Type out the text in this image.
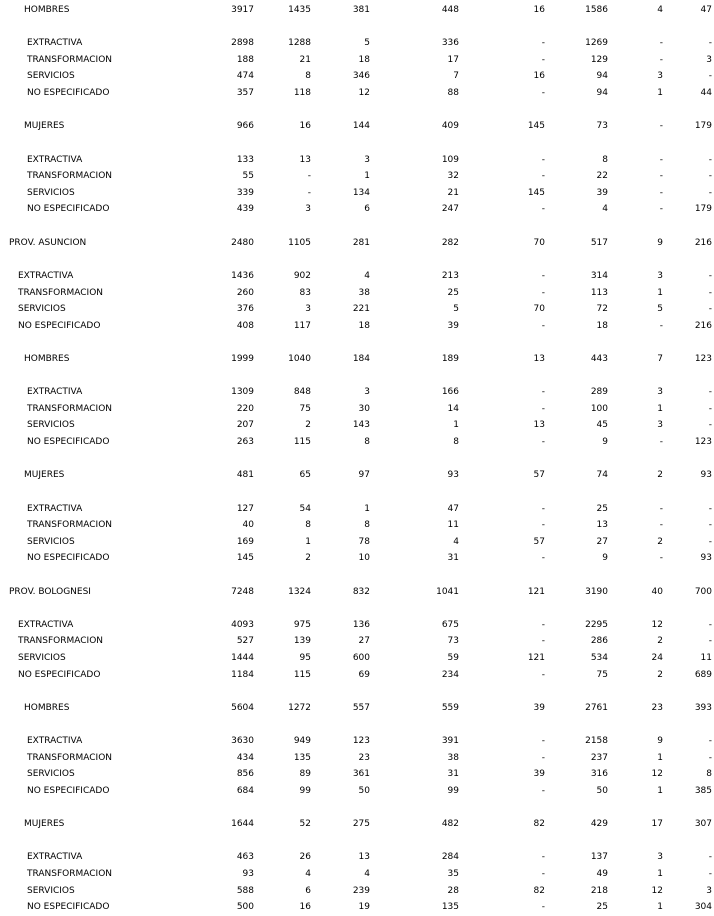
HOMBRES	3917	1435	381	448	16	1586	4	47
EXTRACTIVA	2898	1288	5	336	-	1269	-	-
TRANSFORMACION	188	21	18	17	-	129	-	3
SERVICIOS	474	8	346	7	16	94	3	-
NO ESPECIFICADO	357	118	12	88	-	94	1	44
MUJERES	966	16	144	409	145	73	-	179
EXTRACTIVA	133	13	3	109	-	8	-	-
TRANSFORMACION	55	-	1	32	-	22	-	-
SERVICIOS	339	-	134	21	145	39	-	-
NO ESPECIFICADO	439	3	6	247	-	4	-	179
PROV. ASUNCION	2480	1105	281	282	70	517	9	216
EXTRACTIVA	1436	902	4	213	-	314	3	-
TRANSFORMACION	260	83	38	25	-	113	1	-
SERVICIOS	376	3	221	5	70	72	5	-
NO ESPECIFICADO	408	117	18	39	-	18	-	216
HOMBRES	1999	1040	184	189	13	443	7	123
EXTRACTIVA	1309	848	3	166	-	289	3	-
TRANSFORMACION	220	75	30	14	-	100	1	-
SERVICIOS	207	2	143	1	13	45	3	-
NO ESPECIFICADO	263	115	8	8	-	9	-	123
MUJERES	481	65	97	93	57	74	2	93
EXTRACTIVA	127	54	1	47	-	25	-	-
TRANSFORMACION	40	8	8	11	-	13	-	-
SERVICIOS	169	1	78	4	57	27	2	-
NO ESPECIFICADO	145	2	10	31	-	9	-	93
PROV. BOLOGNESI	7248	1324	832	1041	121	3190	40	700
EXTRACTIVA	4093	975	136	675	-	2295	12	-
TRANSFORMACION	527	139	27	73	-	286	2	-
SERVICIOS	1444	95	600	59	121	534	24	11
NO ESPECIFICADO	1184	115	69	234	-	75	2	689
HOMBRES	5604	1272	557	559	39	2761	23	393
EXTRACTIVA	3630	949	123	391	-	2158	9	-
TRANSFORMACION	434	135	23	38	-	237	1	-
SERVICIOS	856	89	361	31	39	316	12	8
NO ESPECIFICADO	684	99	50	99	-	50	1	385
MUJERES	1644	52	275	482	82	429	17	307
EXTRACTIVA	463	26	13	284	-	137	3	-
TRANSFORMACION	93	4	4	35	-	49	1	-
SERVICIOS	588	6	239	28	82	218	12	3
NO ESPECIFICADO	500	16	19	135	-	25	1	304
